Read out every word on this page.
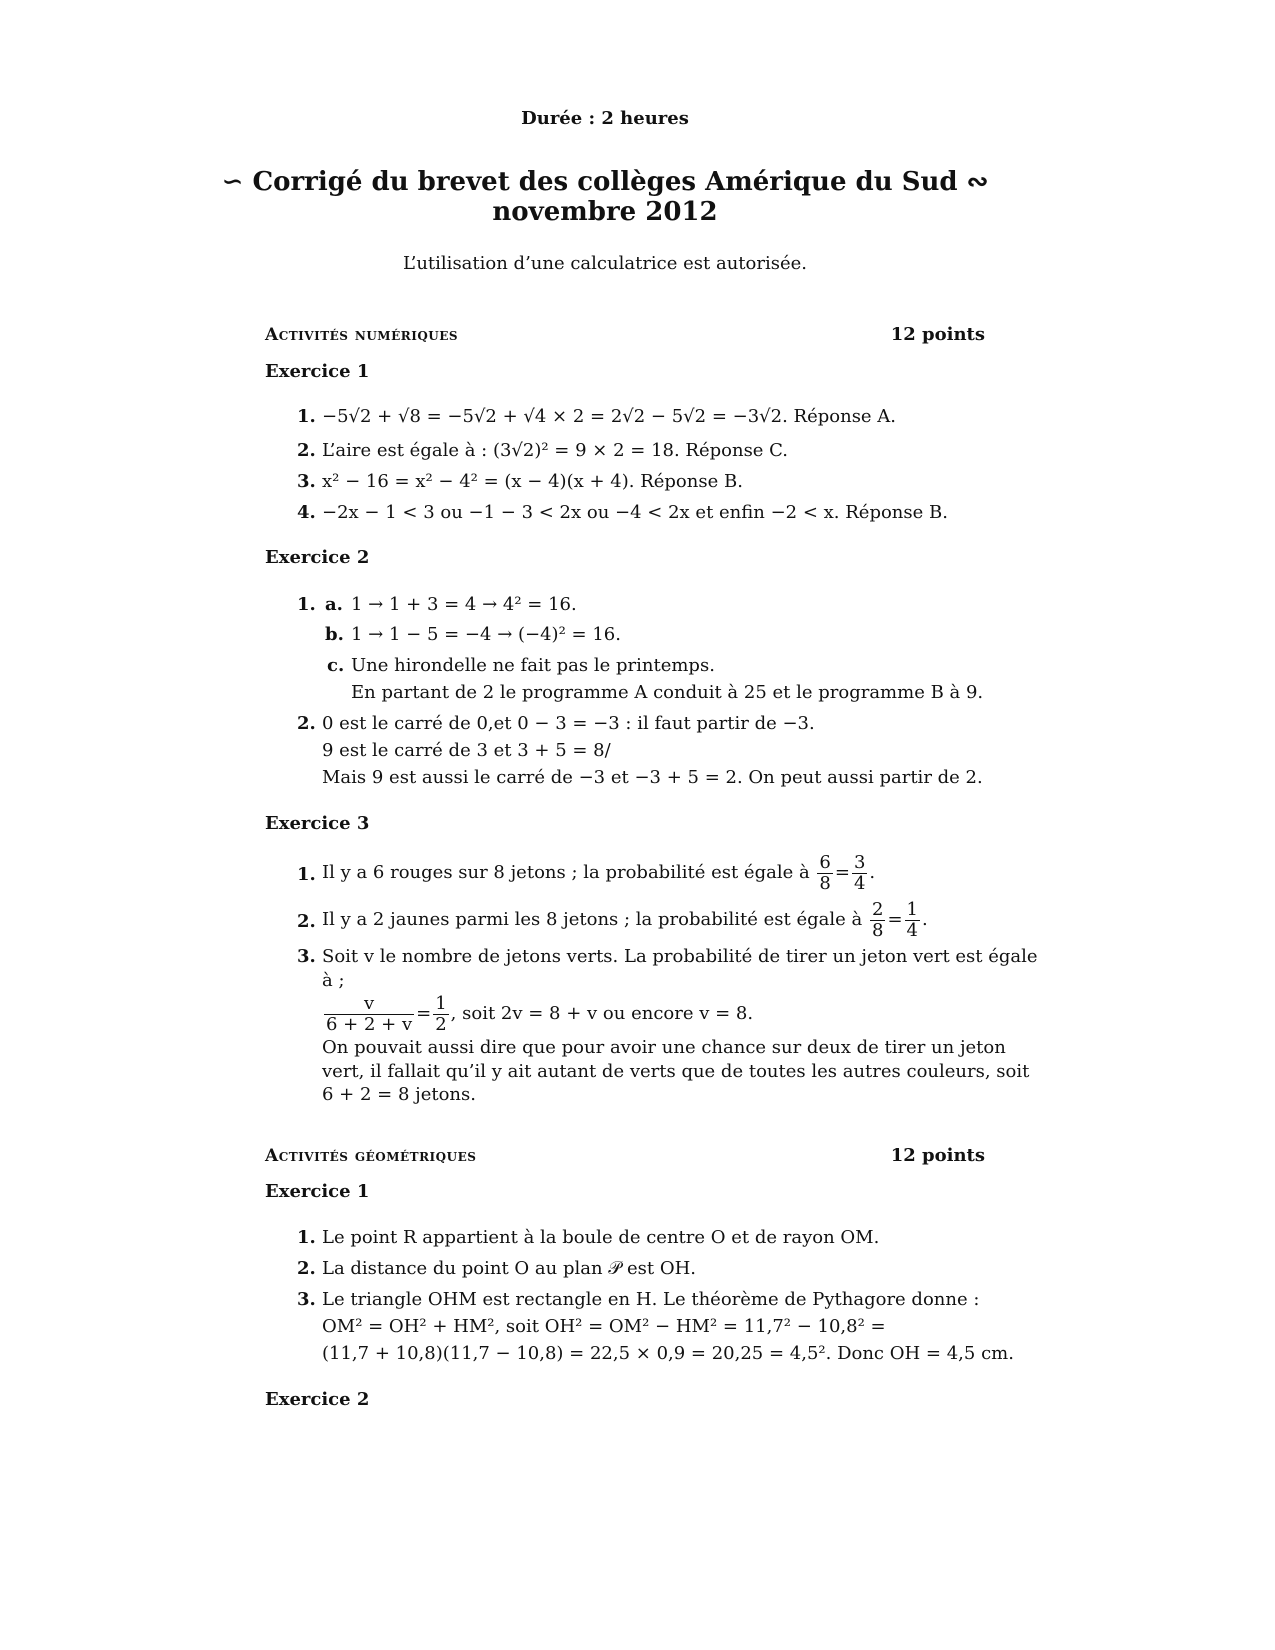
Durée : 2 heures
∽ Corrigé du brevet des collèges Amérique du Sud ∾
novembre 2012
L’utilisation d’une calculatrice est autorisée.
Activités numériques	12 points
Exercice 1
1. −5√2 + √8 = −5√2 + √4 × 2 = 2√2 − 5√2 = −3√2. Réponse A.
2. L’aire est égale à : (3√2)² = 9 × 2 = 18. Réponse C.
3. x² − 16 = x² − 4² = (x − 4)(x + 4). Réponse B.
4. −2x − 1 < 3 ou −1 − 3 < 2x ou −4 < 2x et enfin −2 < x. Réponse B.
Exercice 2
1. a. 1 → 1 + 3 = 4 → 4² = 16.
b. 1 → 1 − 5 = −4 → (−4)² = 16.
c. Une hirondelle ne fait pas le printemps.
En partant de 2 le programme A conduit à 25 et le programme B à 9.
2. 0 est le carré de 0,et 0 − 3 = −3 : il faut partir de −3.
9 est le carré de 3 et 3 + 5 = 8/
Mais 9 est aussi le carré de −3 et −3 + 5 = 2. On peut aussi partir de 2.
Exercice 3
1. Il y a 6 rouges sur 8 jetons ; la probabilité est égale à $\frac{6}{8} = \frac{3}{4}$ .
2. Il y a 2 jaunes parmi les 8 jetons ; la probabilité est égale à $\frac{2}{8} = \frac{1}{4}$ .
3. Soit v le nombre de jetons verts. La probabilité de tirer un jeton vert est égale
à ;
$\frac{v}{6 + 2 + v} = \frac{1}{2}$ , soit 2v = 8 + v ou encore v = 8.
On pouvait aussi dire que pour avoir une chance sur deux de tirer un jeton
vert, il fallait qu’il y ait autant de verts que de toutes les autres couleurs, soit
6 + 2 = 8 jetons.
Activités géométriques	12 points
Exercice 1
1. Le point R appartient à la boule de centre O et de rayon OM.
2. La distance du point O au plan 𝒫 est OH.
3. Le triangle OHM est rectangle en H. Le théorème de Pythagore donne :
OM² = OH² + HM², soit OH² = OM² − HM² = 11,7² − 10,8² =
(11,7 + 10,8)(11,7 − 10,8) = 22,5 × 0,9 = 20,25 = 4,5². Donc OH = 4,5 cm.
Exercice 2
